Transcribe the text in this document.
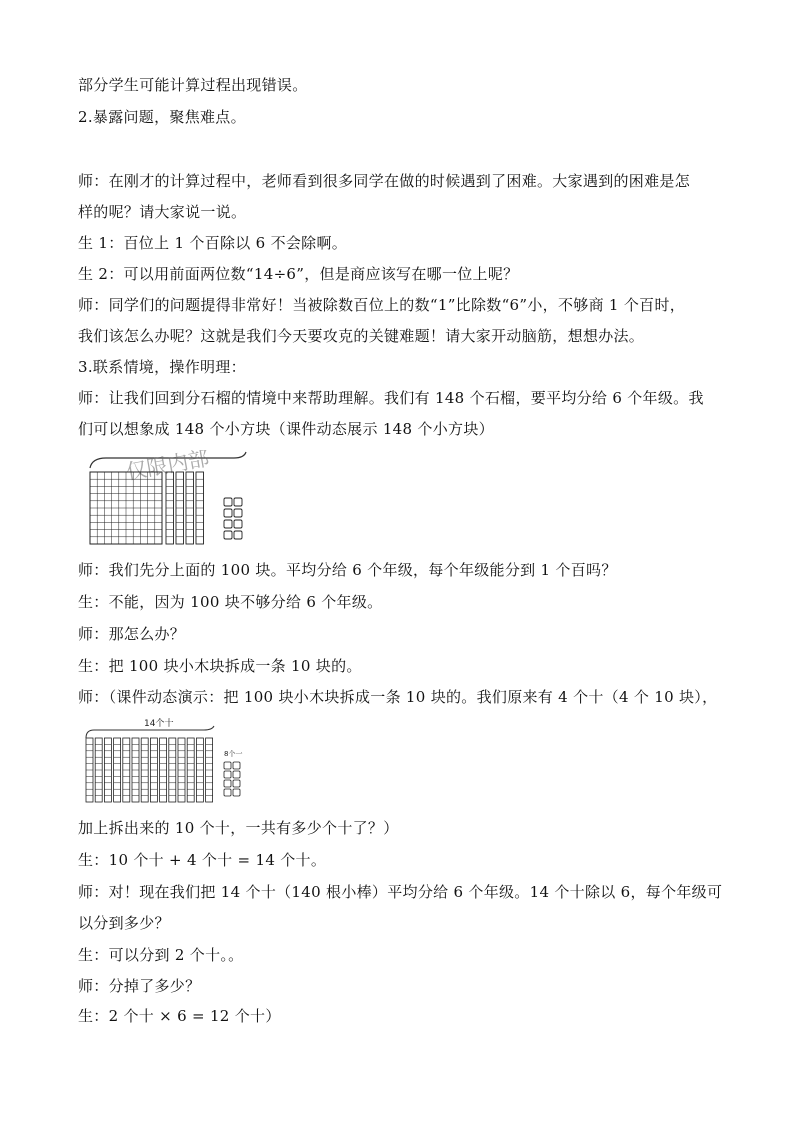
部分学生可能计算过程出现错误。
2.暴露问题，聚焦难点。
师：在刚才的计算过程中，老师看到很多同学在做的时候遇到了困难。大家遇到的困难是怎
样的呢？请大家说一说。
生 1：百位上 1 个百除以 6 不会除啊。
生 2：可以用前面两位数“14÷6”，但是商应该写在哪一位上呢？
师：同学们的问题提得非常好！当被除数百位上的数“1”比除数“6”小，不够商 1 个百时，
我们该怎么办呢？这就是我们今天要攻克的关键难题！请大家开动脑筋，想想办法。
3.联系情境，操作明理：
师：让我们回到分石榴的情境中来帮助理解。我们有 148 个石榴，要平均分给 6 个年级。我
们可以想象成 148 个小方块（课件动态展示 148 个小方块）
仅限内部
师：我们先分上面的 100 块。平均分给 6 个年级，每个年级能分到 1 个百吗？
生：不能，因为 100 块不够分给 6 个年级。
师：那怎么办？
生：把 100 块小木块拆成一条 10 块的。
师：（课件动态演示：把 100 块小木块拆成一条 10 块的。我们原来有 4 个十（4 个 10 块），
14个十
8个一
加上拆出来的 10 个十，一共有多少个十了？）
生：10 个十 + 4 个十 = 14 个十。
师：对！现在我们把 14 个十（140 根小棒）平均分给 6 个年级。14 个十除以 6，每个年级可
以分到多少？
生：可以分到 2 个十。。
师：分掉了多少？
生：2 个十 × 6 = 12 个十）
